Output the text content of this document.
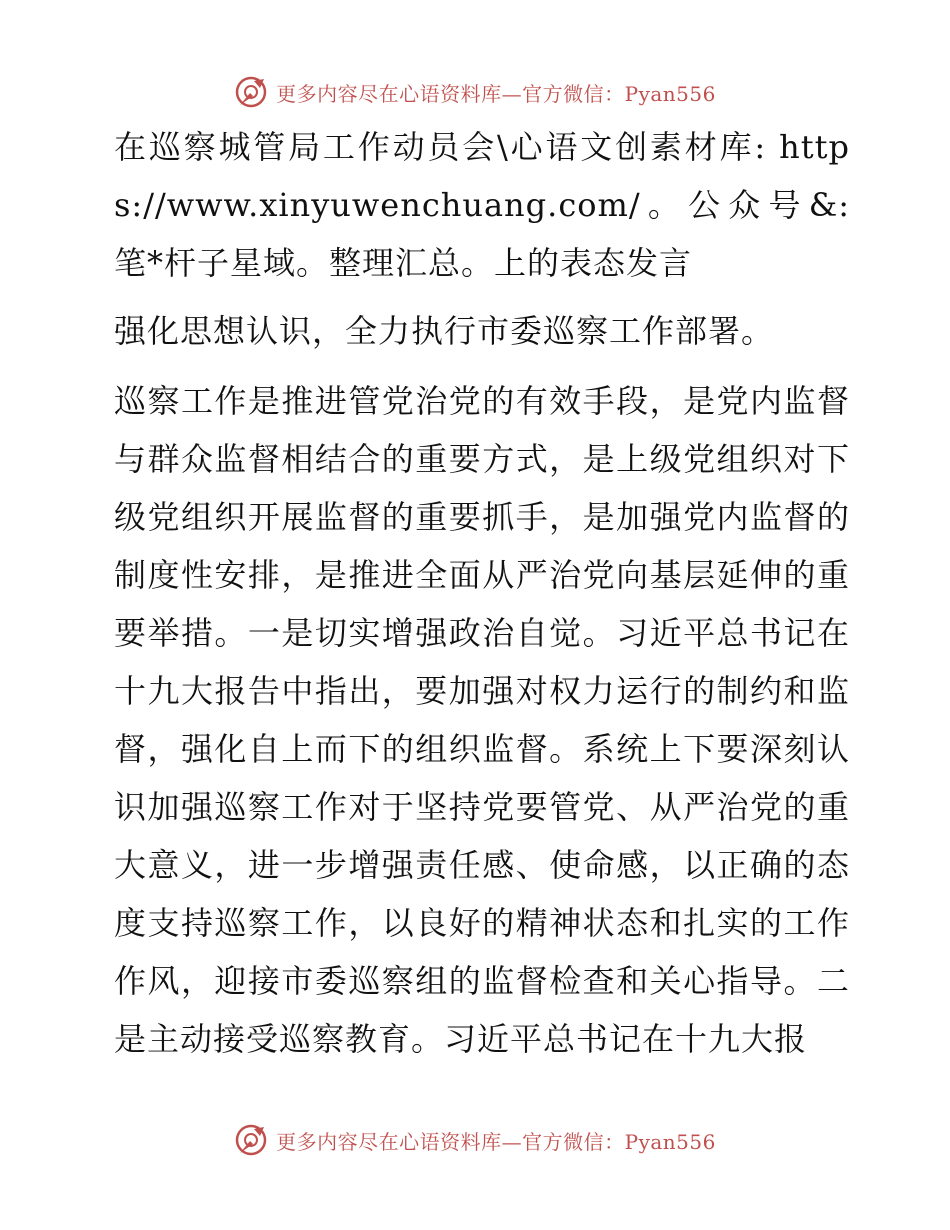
更多内容尽在心语资料库—官方微信：Pyan556

在巡察城管局工作动员会\心语文创素材库: https://www.xinyuwenchuang.com/。公众号&: 笔*杆子星域。整理汇总。上的表态发言

强化思想认识，全力执行市委巡察工作部署。

巡察工作是推进管党治党的有效手段，是党内监督与群众监督相结合的重要方式，是上级党组织对下级党组织开展监督的重要抓手，是加强党内监督的制度性安排，是推进全面从严治党向基层延伸的重要举措。一是切实增强政治自觉。习近平总书记在十九大报告中指出，要加强对权力运行的制约和监督，强化自上而下的组织监督。系统上下要深刻认识加强巡察工作对于坚持党要管党、从严治党的重大意义，进一步增强责任感、使命感，以正确的态度支持巡察工作，以良好的精神状态和扎实的工作作风，迎接市委巡察组的监督检查和关心指导。二是主动接受巡察教育。习近平总书记在十九大报

更多内容尽在心语资料库—官方微信：Pyan556
